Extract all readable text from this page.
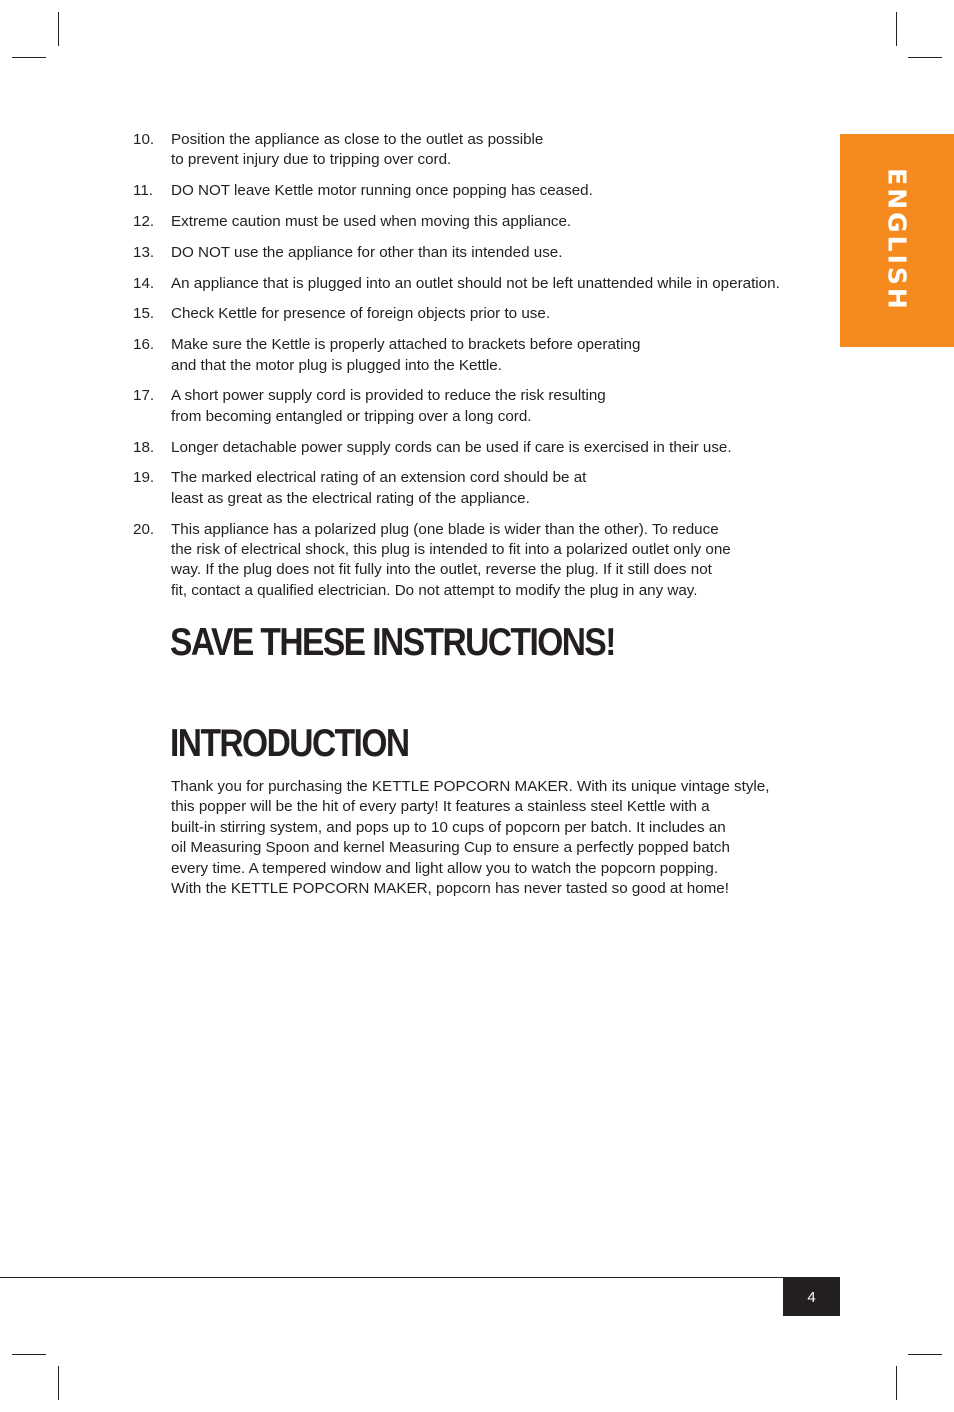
ENGLISH
10. Position the appliance as close to the outlet as possible
to prevent injury due to tripping over cord.
11. DO NOT leave Kettle motor running once popping has ceased.
12. Extreme caution must be used when moving this appliance.
13. DO NOT use the appliance for other than its intended use.
14. An appliance that is plugged into an outlet should not be left unattended while in operation.
15. Check Kettle for presence of foreign objects prior to use.
16. Make sure the Kettle is properly attached to brackets before operating
and that the motor plug is plugged into the Kettle.
17. A short power supply cord is provided to reduce the risk resulting
from becoming entangled or tripping over a long cord.
18. Longer detachable power supply cords can be used if care is exercised in their use.
19. The marked electrical rating of an extension cord should be at
least as great as the electrical rating of the appliance.
20. This appliance has a polarized plug (one blade is wider than the other). To reduce
the risk of electrical shock, this plug is intended to fit into a polarized outlet only one
way. If the plug does not fit fully into the outlet, reverse the plug. If it still does not
fit, contact a qualified electrician. Do not attempt to modify the plug in any way.
SAVE THESE INSTRUCTIONS!
INTRODUCTION
Thank you for purchasing the KETTLE POPCORN MAKER. With its unique vintage style,
this popper will be the hit of every party! It features a stainless steel Kettle with a
built-in stirring system, and pops up to 10 cups of popcorn per batch. It includes an
oil Measuring Spoon and kernel Measuring Cup to ensure a perfectly popped batch
every time. A tempered window and light allow you to watch the popcorn popping.
With the KETTLE POPCORN MAKER, popcorn has never tasted so good at home!
4
